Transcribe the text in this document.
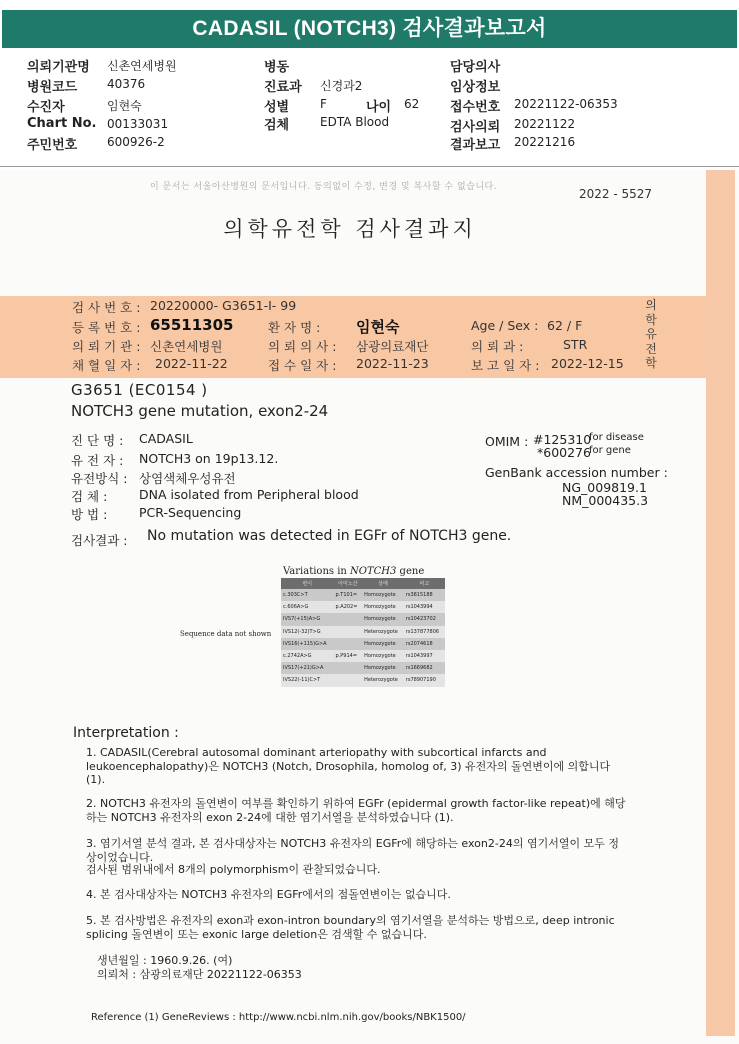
CADASIL (NOTCH3) 검사결과보고서
의뢰기관명 신촌연세병원
병원코드 40376
수진자	임현숙
Chart No. 00133031
주민번호 600926-2
병동
진료과 신경과2
성별	F	나이 62
검체	EDTA Blood
담당의사
임상정보
접수번호 20221122-06353
검사의뢰 20221122
결과보고 20221216
이 문서는 서울아산병원의 문서입니다. 동의없이 수정, 변경 및 복사할 수 없습니다.	2022 - 5527
의학유전학 검사결과지
검 사 번 호 : 20220000- G3651-I- 99
등 록 번 호 : 65511305	환 자 명 : 임현숙	Age / Sex : 62 / F
의 뢰 기 관 : 신촌연세병원	의 뢰 의 사 : 삼광의료재단	의 뢰 과 :	STR
채 혈 일 자 : 2022-11-22	접 수 일 자 : 2022-11-23	보 고 일 자 : 2022-12-15
의학유전학
G3651 (EC0154 )
NOTCH3 gene mutation, exon2-24
진 단 명 : CADASIL
유 전 자 : NOTCH3 on 19p13.12.
유전방식 : 상염색체우성유전
검 체 :	DNA isolated from Peripheral blood
방 법 :	PCR-Sequencing
OMIM : #125310
for disease
*600276
for gene
GenBank accession number :
NG_009819.1
NM_000435.3
검사결과 : No mutation was detected in EGFr of NOTCH3 gene.
Variations in NOTCH3 gene
변이	아미노산	상태	비고
c.303C>T	p.T101=	Homozygote	rs3815188
c.606A>G	p.A202=	Homozygote	rs1043994
IVS7(+15)A>G		Homozygote	rs10423702
IVS12(-32)T>G		Heterozygote	rs137877806
IVS16(+115)G>A		Homozygote	rs2074618
c.2742A>G	p.P914=	Homozygote	rs1043997
IVS17(+21)G>A		Homozygote	rs1669682
IVS22(-11)C>T		Heterozygote	rs78907190
Sequence data not shown
Interpretation :
1. CADASIL(Cerebral autosomal dominant arteriopathy with subcortical infarcts and leukoencephalopathy)은 NOTCH3 (Notch, Drosophila, homolog of, 3) 유전자의 돌연변이에 의합니다 (1).
2. NOTCH3 유전자의 돌연변이 여부를 확인하기 위하여 EGFr (epidermal growth factor-like repeat)에 해당하는 NOTCH3 유전자의 exon 2-24에 대한 염기서열을 분석하였습니다 (1).
3. 염기서열 분석 결과, 본 검사대상자는 NOTCH3 유전자의 EGFr에 해당하는 exon2-24의 염기서열이 모두 정상이었습니다.
검사된 범위내에서 8개의 polymorphism이 관찰되었습니다.
4. 본 검사대상자는 NOTCH3 유전자의 EGFr에서의 점돌연변이는 없습니다.
5. 본 검사방법은 유전자의 exon과 exon-intron boundary의 염기서열을 분석하는 방법으로, deep intronic splicing 돌연변이 또는 exonic large deletion은 검색할 수 없습니다.
생년월일 : 1960.9.26. (여)
의뢰처 : 삼광의료재단 20221122-06353
Reference (1) GeneReviews : http://www.ncbi.nlm.nih.gov/books/NBK1500/
